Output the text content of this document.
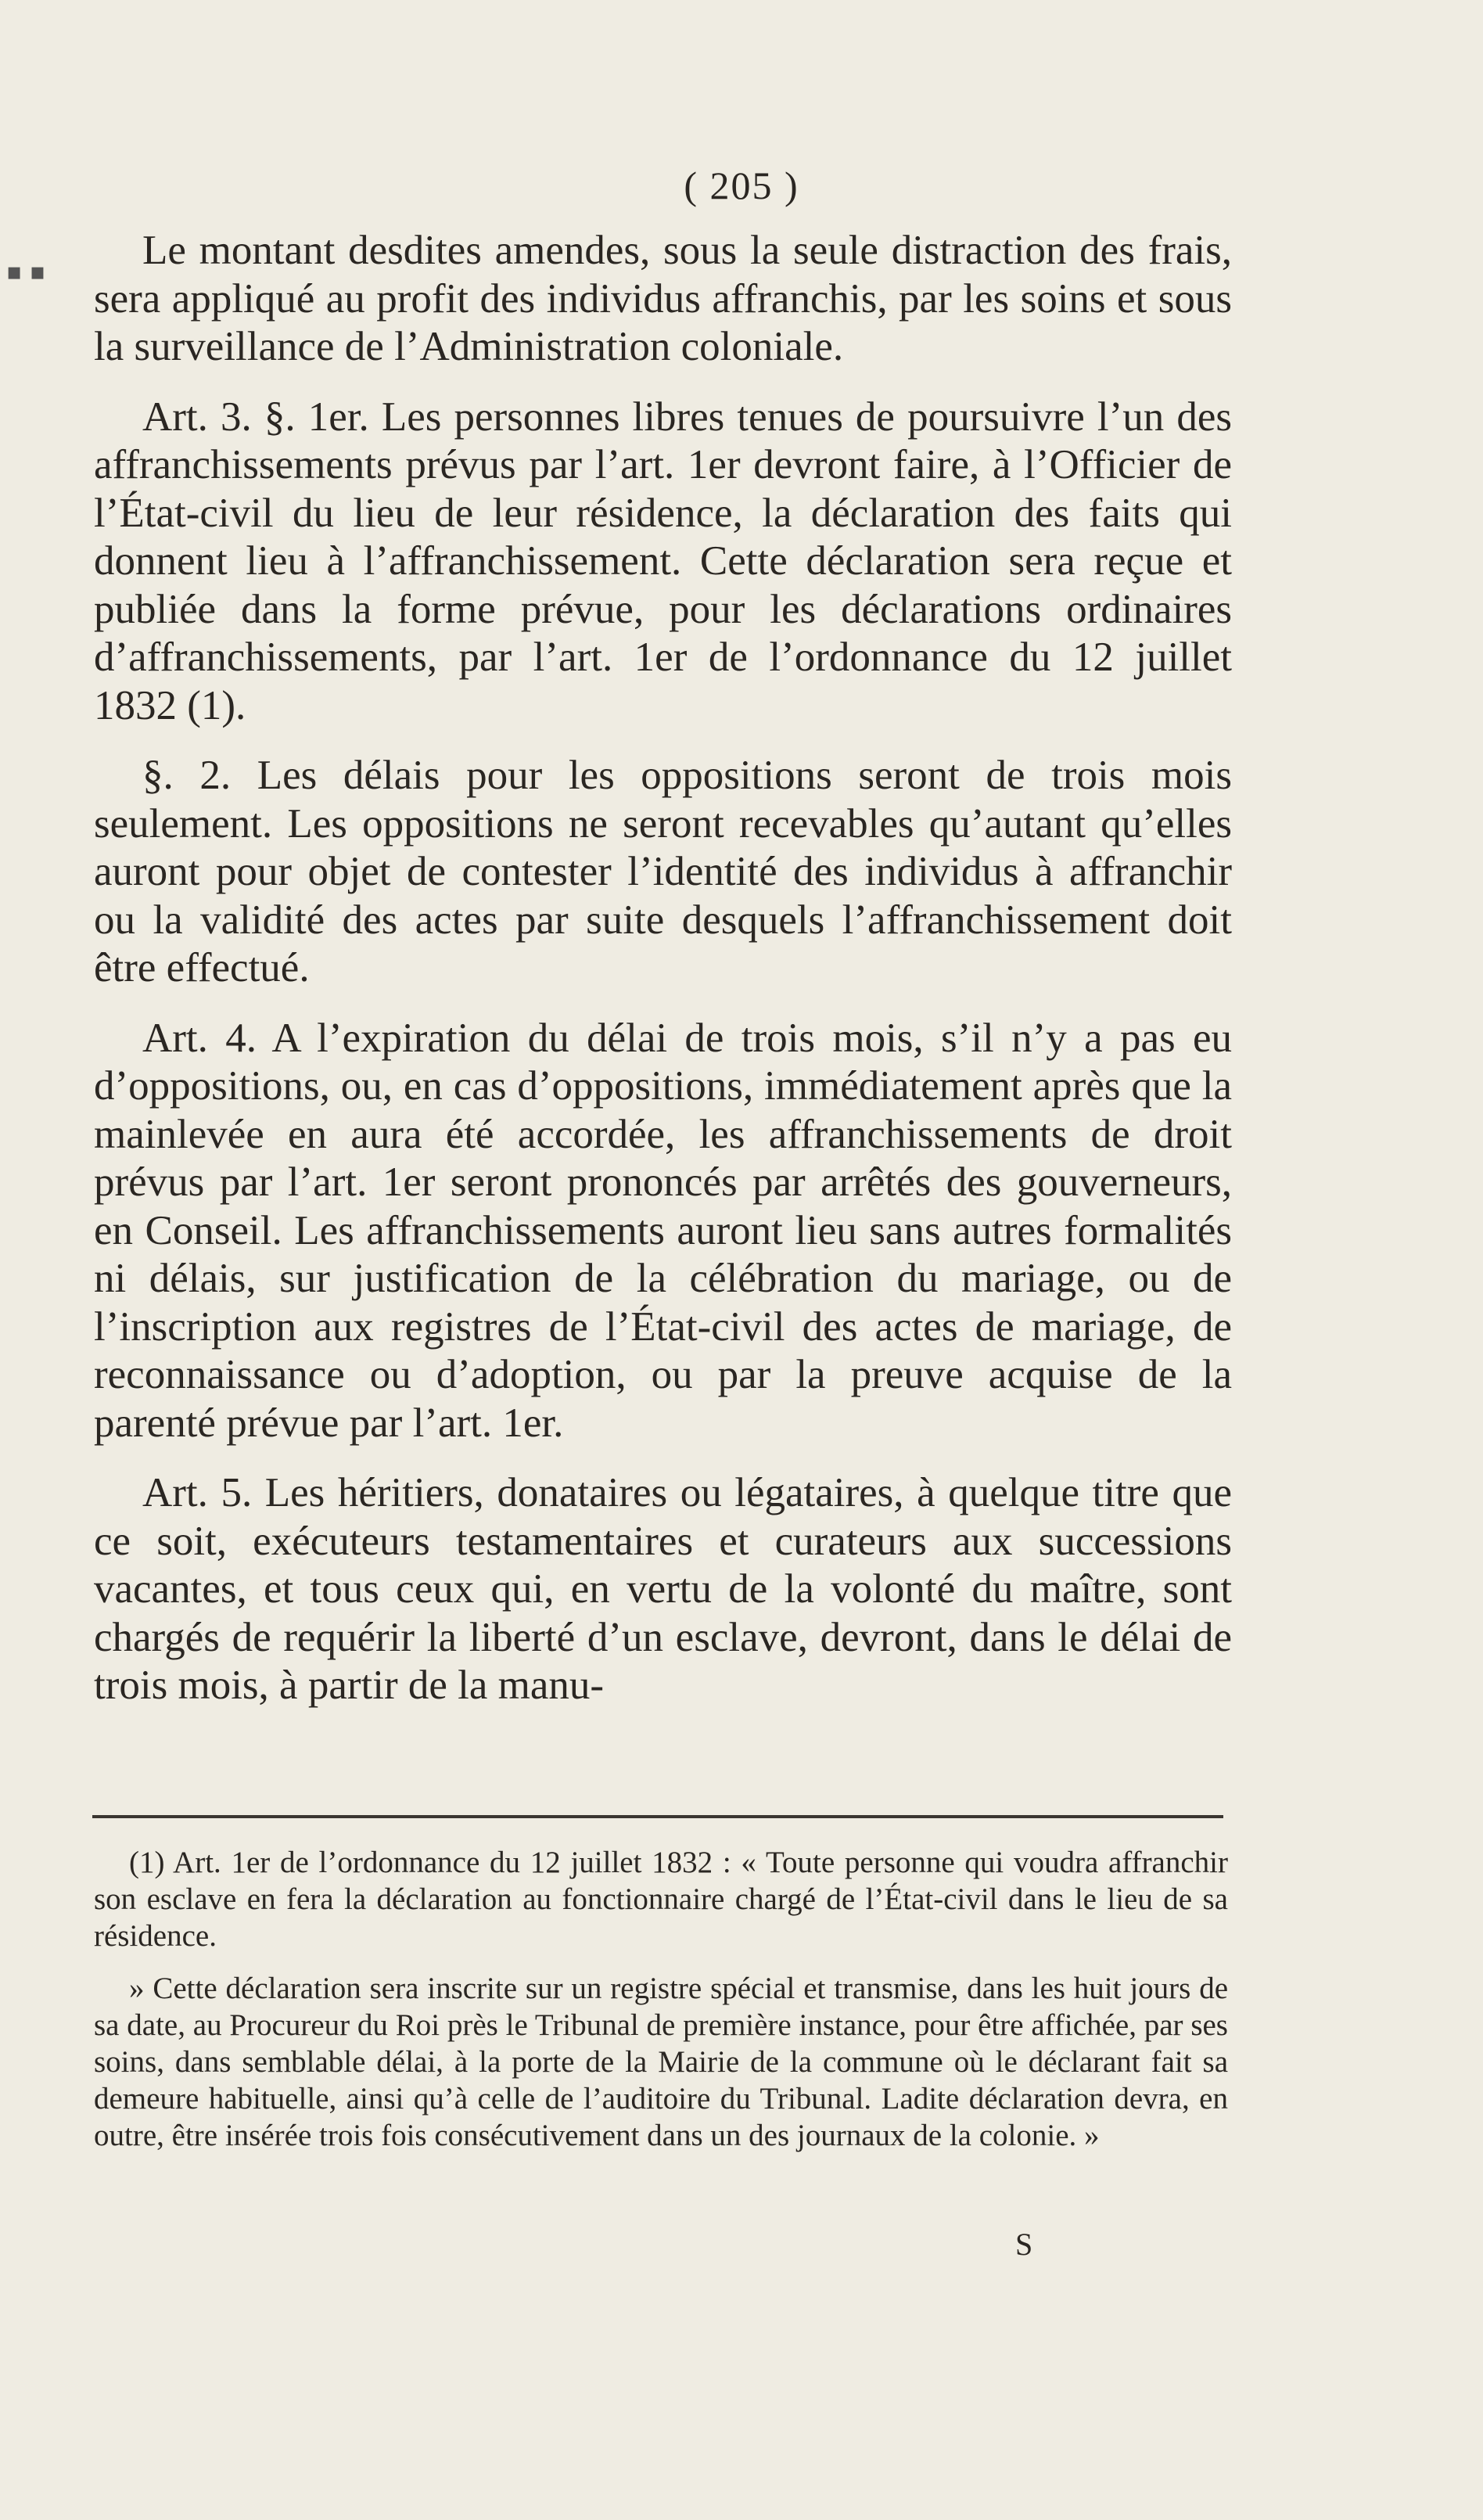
▪ ▪
( 205 )

Le montant desdites amendes, sous la seule distraction des frais, sera appliqué au profit des individus affranchis, par les soins et sous la surveillance de l’Administration coloniale.

Art. 3. §. 1er. Les personnes libres tenues de poursuivre l’un des affranchissements prévus par l’art. 1er devront faire, à l’Officier de l’État-civil du lieu de leur résidence, la déclaration des faits qui donnent lieu à l’affranchissement. Cette déclaration sera reçue et publiée dans la forme prévue, pour les déclarations ordinaires d’affranchissements, par l’art. 1er de l’ordonnance du 12 juillet 1832 (1).

§. 2. Les délais pour les oppositions seront de trois mois seulement. Les oppositions ne seront recevables qu’autant qu’elles auront pour objet de contester l’identité des individus à affranchir ou la validité des actes par suite desquels l’affranchissement doit être effectué.

Art. 4. A l’expiration du délai de trois mois, s’il n’y a pas eu d’oppositions, ou, en cas d’oppositions, immédiatement après que la mainlevée en aura été accordée, les affranchissements de droit prévus par l’art. 1er seront prononcés par arrêtés des gouverneurs, en Conseil. Les affranchissements auront lieu sans autres formalités ni délais, sur justification de la célébration du mariage, ou de l’inscription aux registres de l’État-civil des actes de mariage, de reconnaissance ou d’adoption, ou par la preuve acquise de la parenté prévue par l’art. 1er.

Art. 5. Les héritiers, donataires ou légataires, à quelque titre que ce soit, exécuteurs testamentaires et curateurs aux successions vacantes, et tous ceux qui, en vertu de la volonté du maître, sont chargés de requérir la liberté d’un esclave, devront, dans le délai de trois mois, à partir de la manu-

(1) Art. 1er de l’ordonnance du 12 juillet 1832 : « Toute personne qui voudra affranchir son esclave en fera la déclaration au fonctionnaire chargé de l’État-civil dans le lieu de sa résidence.

» Cette déclaration sera inscrite sur un registre spécial et transmise, dans les huit jours de sa date, au Procureur du Roi près le Tribunal de première instance, pour être affichée, par ses soins, dans semblable délai, à la porte de la Mairie de la commune où le déclarant fait sa demeure habituelle, ainsi qu’à celle de l’auditoire du Tribunal. Ladite déclaration devra, en outre, être insérée trois fois consécutivement dans un des journaux de la colonie. »

S
